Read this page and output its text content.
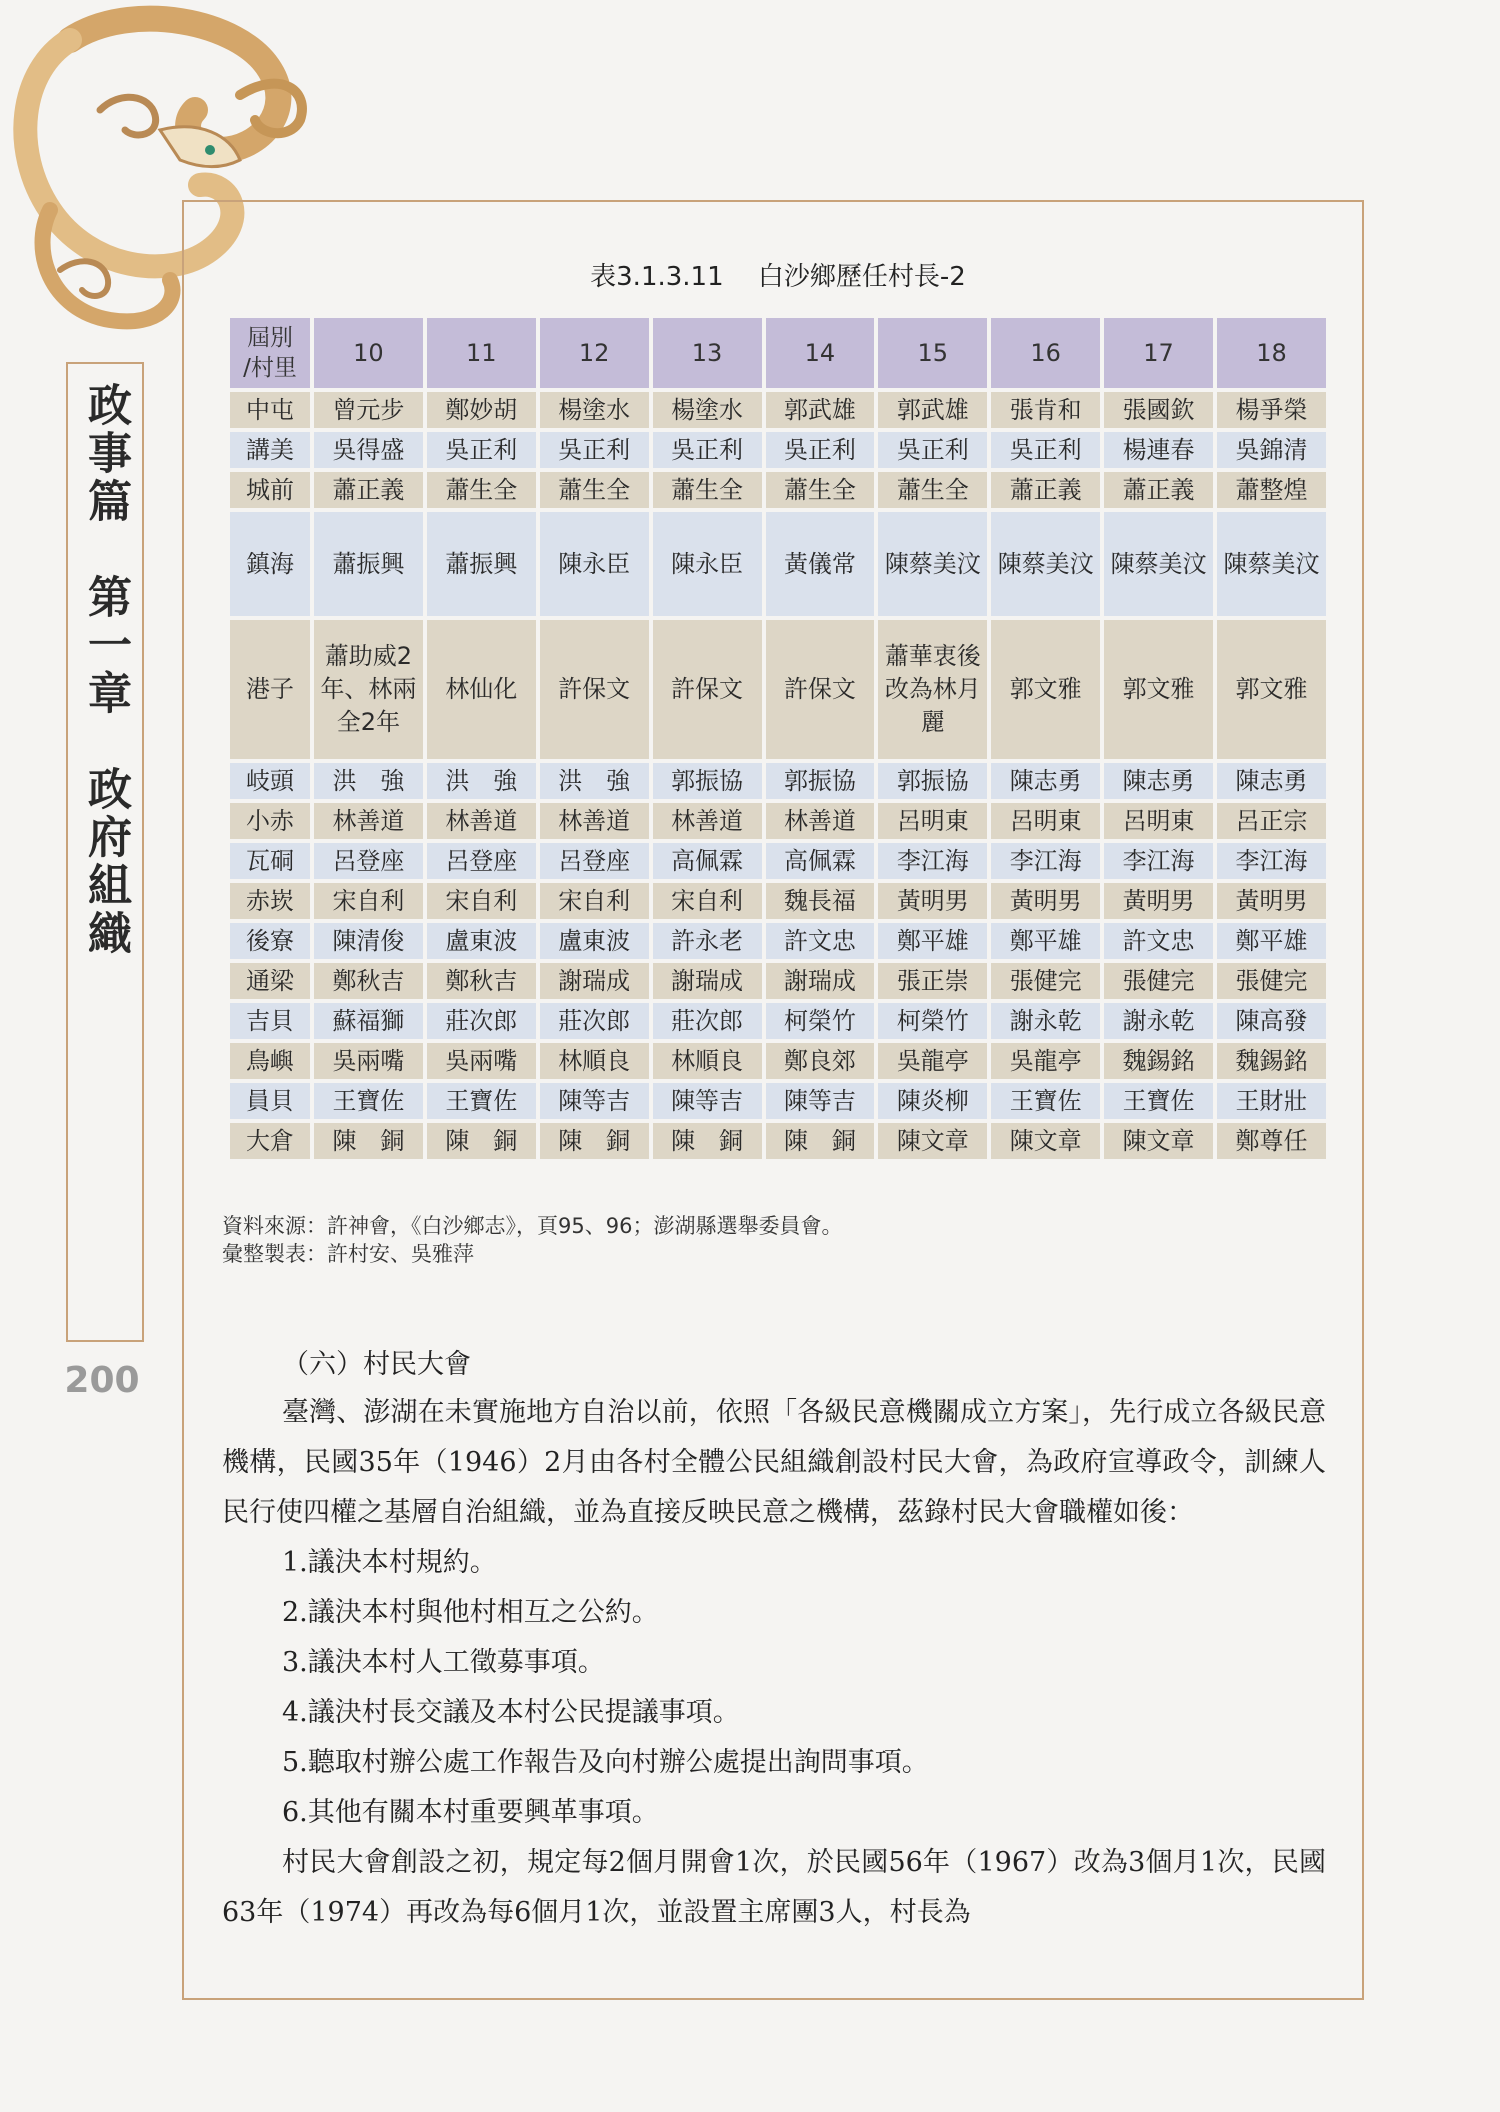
政事篇　第一章　政府組織
200
表3.1.3.11　 白沙鄉歷任村長-2
屆別
/村里	10	11	12	13	14	15	16	17	18
中屯	曾元步	鄭妙胡	楊塗水	楊塗水	郭武雄	郭武雄	張肯和	張國欽	楊爭榮
講美	吳得盛	吳正利	吳正利	吳正利	吳正利	吳正利	吳正利	楊連春	吳錦清
城前	蕭正義	蕭生全	蕭生全	蕭生全	蕭生全	蕭生全	蕭正義	蕭正義	蕭整煌
鎮海	蕭振興	蕭振興	陳永臣	陳永臣	黃儀常	陳蔡美汶	陳蔡美汶	陳蔡美汶	陳蔡美汶
港子	蕭助威2年、林兩全2年	林仙化	許保文	許保文	許保文	蕭華衷後改為林月麗	郭文雅	郭文雅	郭文雅
岐頭	洪　強	洪　強	洪　強	郭振協	郭振協	郭振協	陳志勇	陳志勇	陳志勇
小赤	林善道	林善道	林善道	林善道	林善道	呂明東	呂明東	呂明東	呂正宗
瓦硐	呂登座	呂登座	呂登座	高佩霖	高佩霖	李江海	李江海	李江海	李江海
赤崁	宋自利	宋自利	宋自利	宋自利	魏長福	黃明男	黃明男	黃明男	黃明男
後寮	陳清俊	盧東波	盧東波	許永老	許文忠	鄭平雄	鄭平雄	許文忠	鄭平雄
通梁	鄭秋吉	鄭秋吉	謝瑞成	謝瑞成	謝瑞成	張正崇	張健完	張健完	張健完
吉貝	蘇福獅	莊次郎	莊次郎	莊次郎	柯榮竹	柯榮竹	謝永乾	謝永乾	陳高發
鳥嶼	吳兩嘴	吳兩嘴	林順良	林順良	鄭良郊	吳龍亭	吳龍亭	魏錫銘	魏錫銘
員貝	王寶佐	王寶佐	陳等吉	陳等吉	陳等吉	陳炎柳	王寶佐	王寶佐	王財壯
大倉	陳　銅	陳　銅	陳　銅	陳　銅	陳　銅	陳文章	陳文章	陳文章	鄭尊任
資料來源：許神會，《白沙鄉志》，頁95、96；澎湖縣選舉委員會。
彙整製表：許村安、吳雅萍
（六）村民大會

臺灣、澎湖在未實施地方自治以前，依照「各級民意機關成立方案」，先行成立各級民意機構，民國35年（1946）2月由各村全體公民組織創設村民大會，為政府宣導政令，訓練人民行使四權之基層自治組織，並為直接反映民意之機構，茲錄村民大會職權如後：

1.議決本村規約。

2.議決本村與他村相互之公約。

3.議決本村人工徵募事項。

4.議決村長交議及本村公民提議事項。

5.聽取村辦公處工作報告及向村辦公處提出詢問事項。

6.其他有關本村重要興革事項。

村民大會創設之初，規定每2個月開會1次，於民國56年（1967）改為3個月1次，民國63年（1974）再改為每6個月1次，並設置主席團3人，村長為
